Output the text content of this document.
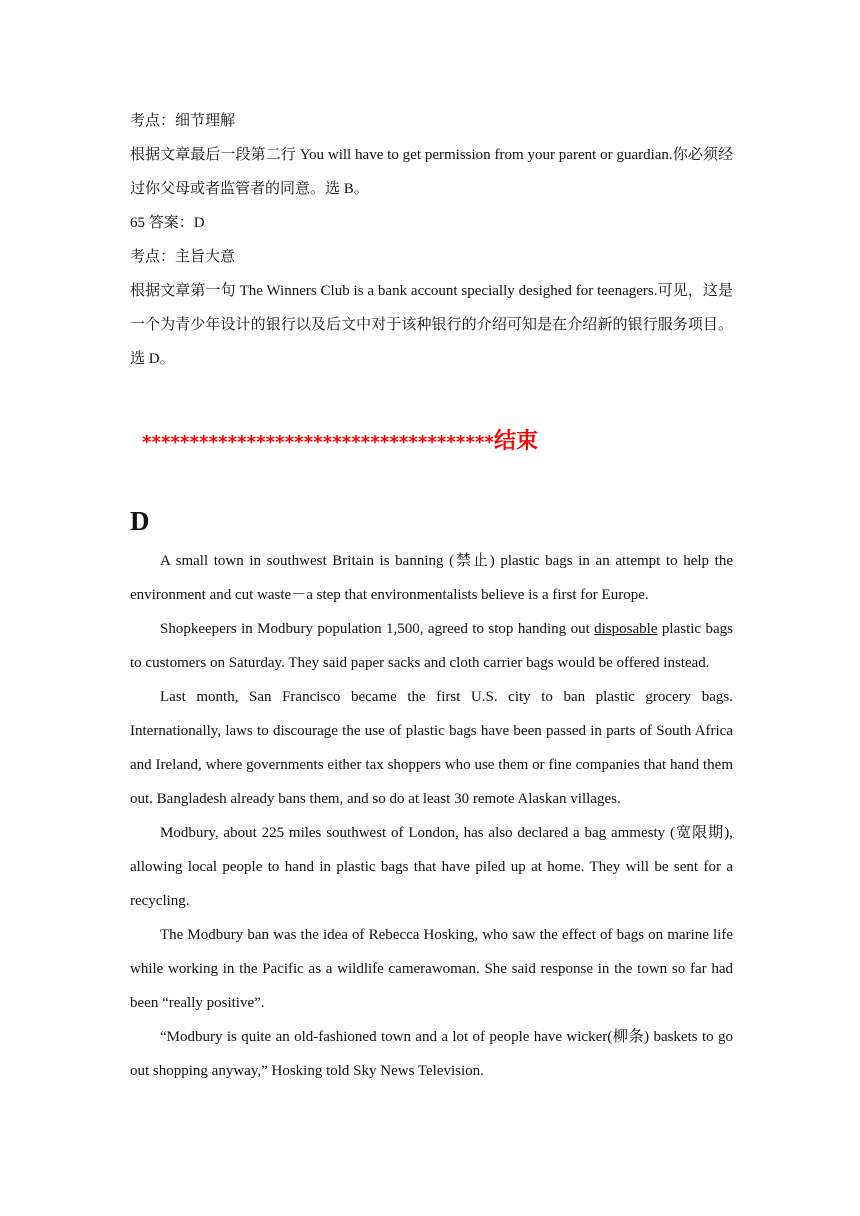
考点：细节理解

根据文章最后一段第二行 You will have to get permission from your parent or guardian.你必须经过你父母或者监管者的同意。选 B。

65 答案：D

考点：主旨大意

根据文章第一句 The Winners Club is a bank account specially desighed for teenagers.可见，这是一个为青少年设计的银行以及后文中对于该种银行的介绍可知是在介绍新的银行服务项目。选 D。

*************************************结束

D

A small town in southwest Britain is banning (禁止) plastic bags in an attempt to help the environment and cut waste－a step that environmentalists believe is a first for Europe.

Shopkeepers in Modbury population 1,500, agreed to stop handing out disposable plastic bags to customers on Saturday. They said paper sacks and cloth carrier bags would be offered instead.

Last month, San Francisco became the first U.S. city to ban plastic grocery bags. Internationally, laws to discourage the use of plastic bags have been passed in parts of South Africa and Ireland, where governments either tax shoppers who use them or fine companies that hand them out. Bangladesh already bans them, and so do at least 30 remote Alaskan villages.

Modbury, about 225 miles southwest of London, has also declared a bag ammesty (宽限期), allowing local people to hand in plastic bags that have piled up at home. They will be sent for a recycling.

The Modbury ban was the idea of Rebecca Hosking, who saw the effect of bags on marine life while working in the Pacific as a wildlife camerawoman. She said response in the town so far had been “really positive”.

“Modbury is quite an old-fashioned town and a lot of people have wicker(柳条) baskets to go out shopping anyway,” Hosking told Sky News Television.
